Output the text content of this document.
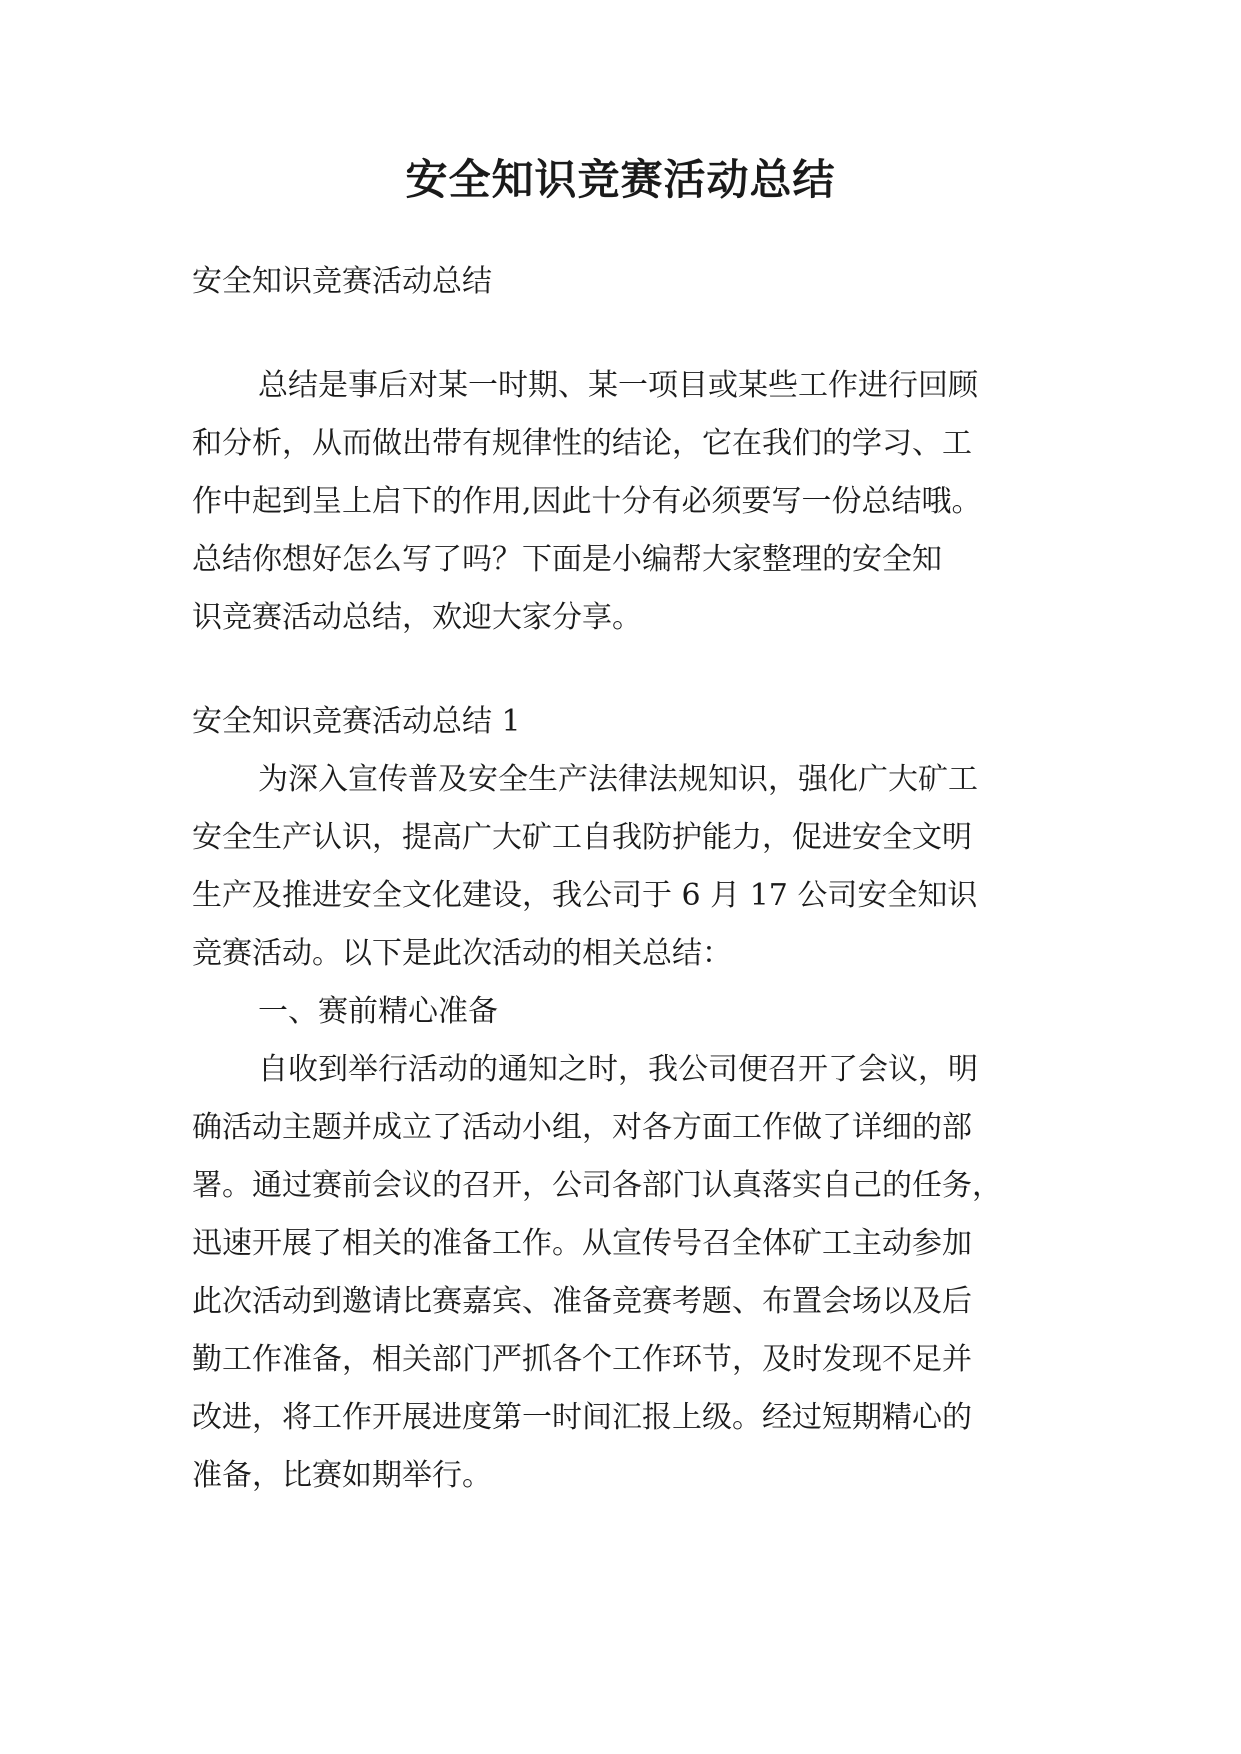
安全知识竞赛活动总结
安全知识竞赛活动总结
总结是事后对某一时期、某一项目或某些工作进行回顾
和分析，从而做出带有规律性的结论，它在我们的学习、工
作中起到呈上启下的作用,因此十分有必须要写一份总结哦。
总结你想好怎么写了吗？下面是小编帮大家整理的安全知
识竞赛活动总结，欢迎大家分享。
安全知识竞赛活动总结 1
为深入宣传普及安全生产法律法规知识，强化广大矿工
安全生产认识，提高广大矿工自我防护能力，促进安全文明
生产及推进安全文化建设，我公司于 6 月 17 公司安全知识
竞赛活动。以下是此次活动的相关总结：
一、赛前精心准备
自收到举行活动的通知之时，我公司便召开了会议，明
确活动主题并成立了活动小组，对各方面工作做了详细的部
署。通过赛前会议的召开，公司各部门认真落实自己的任务，
迅速开展了相关的准备工作。从宣传号召全体矿工主动参加
此次活动到邀请比赛嘉宾、准备竞赛考题、布置会场以及后
勤工作准备，相关部门严抓各个工作环节，及时发现不足并
改进，将工作开展进度第一时间汇报上级。经过短期精心的
准备，比赛如期举行。
